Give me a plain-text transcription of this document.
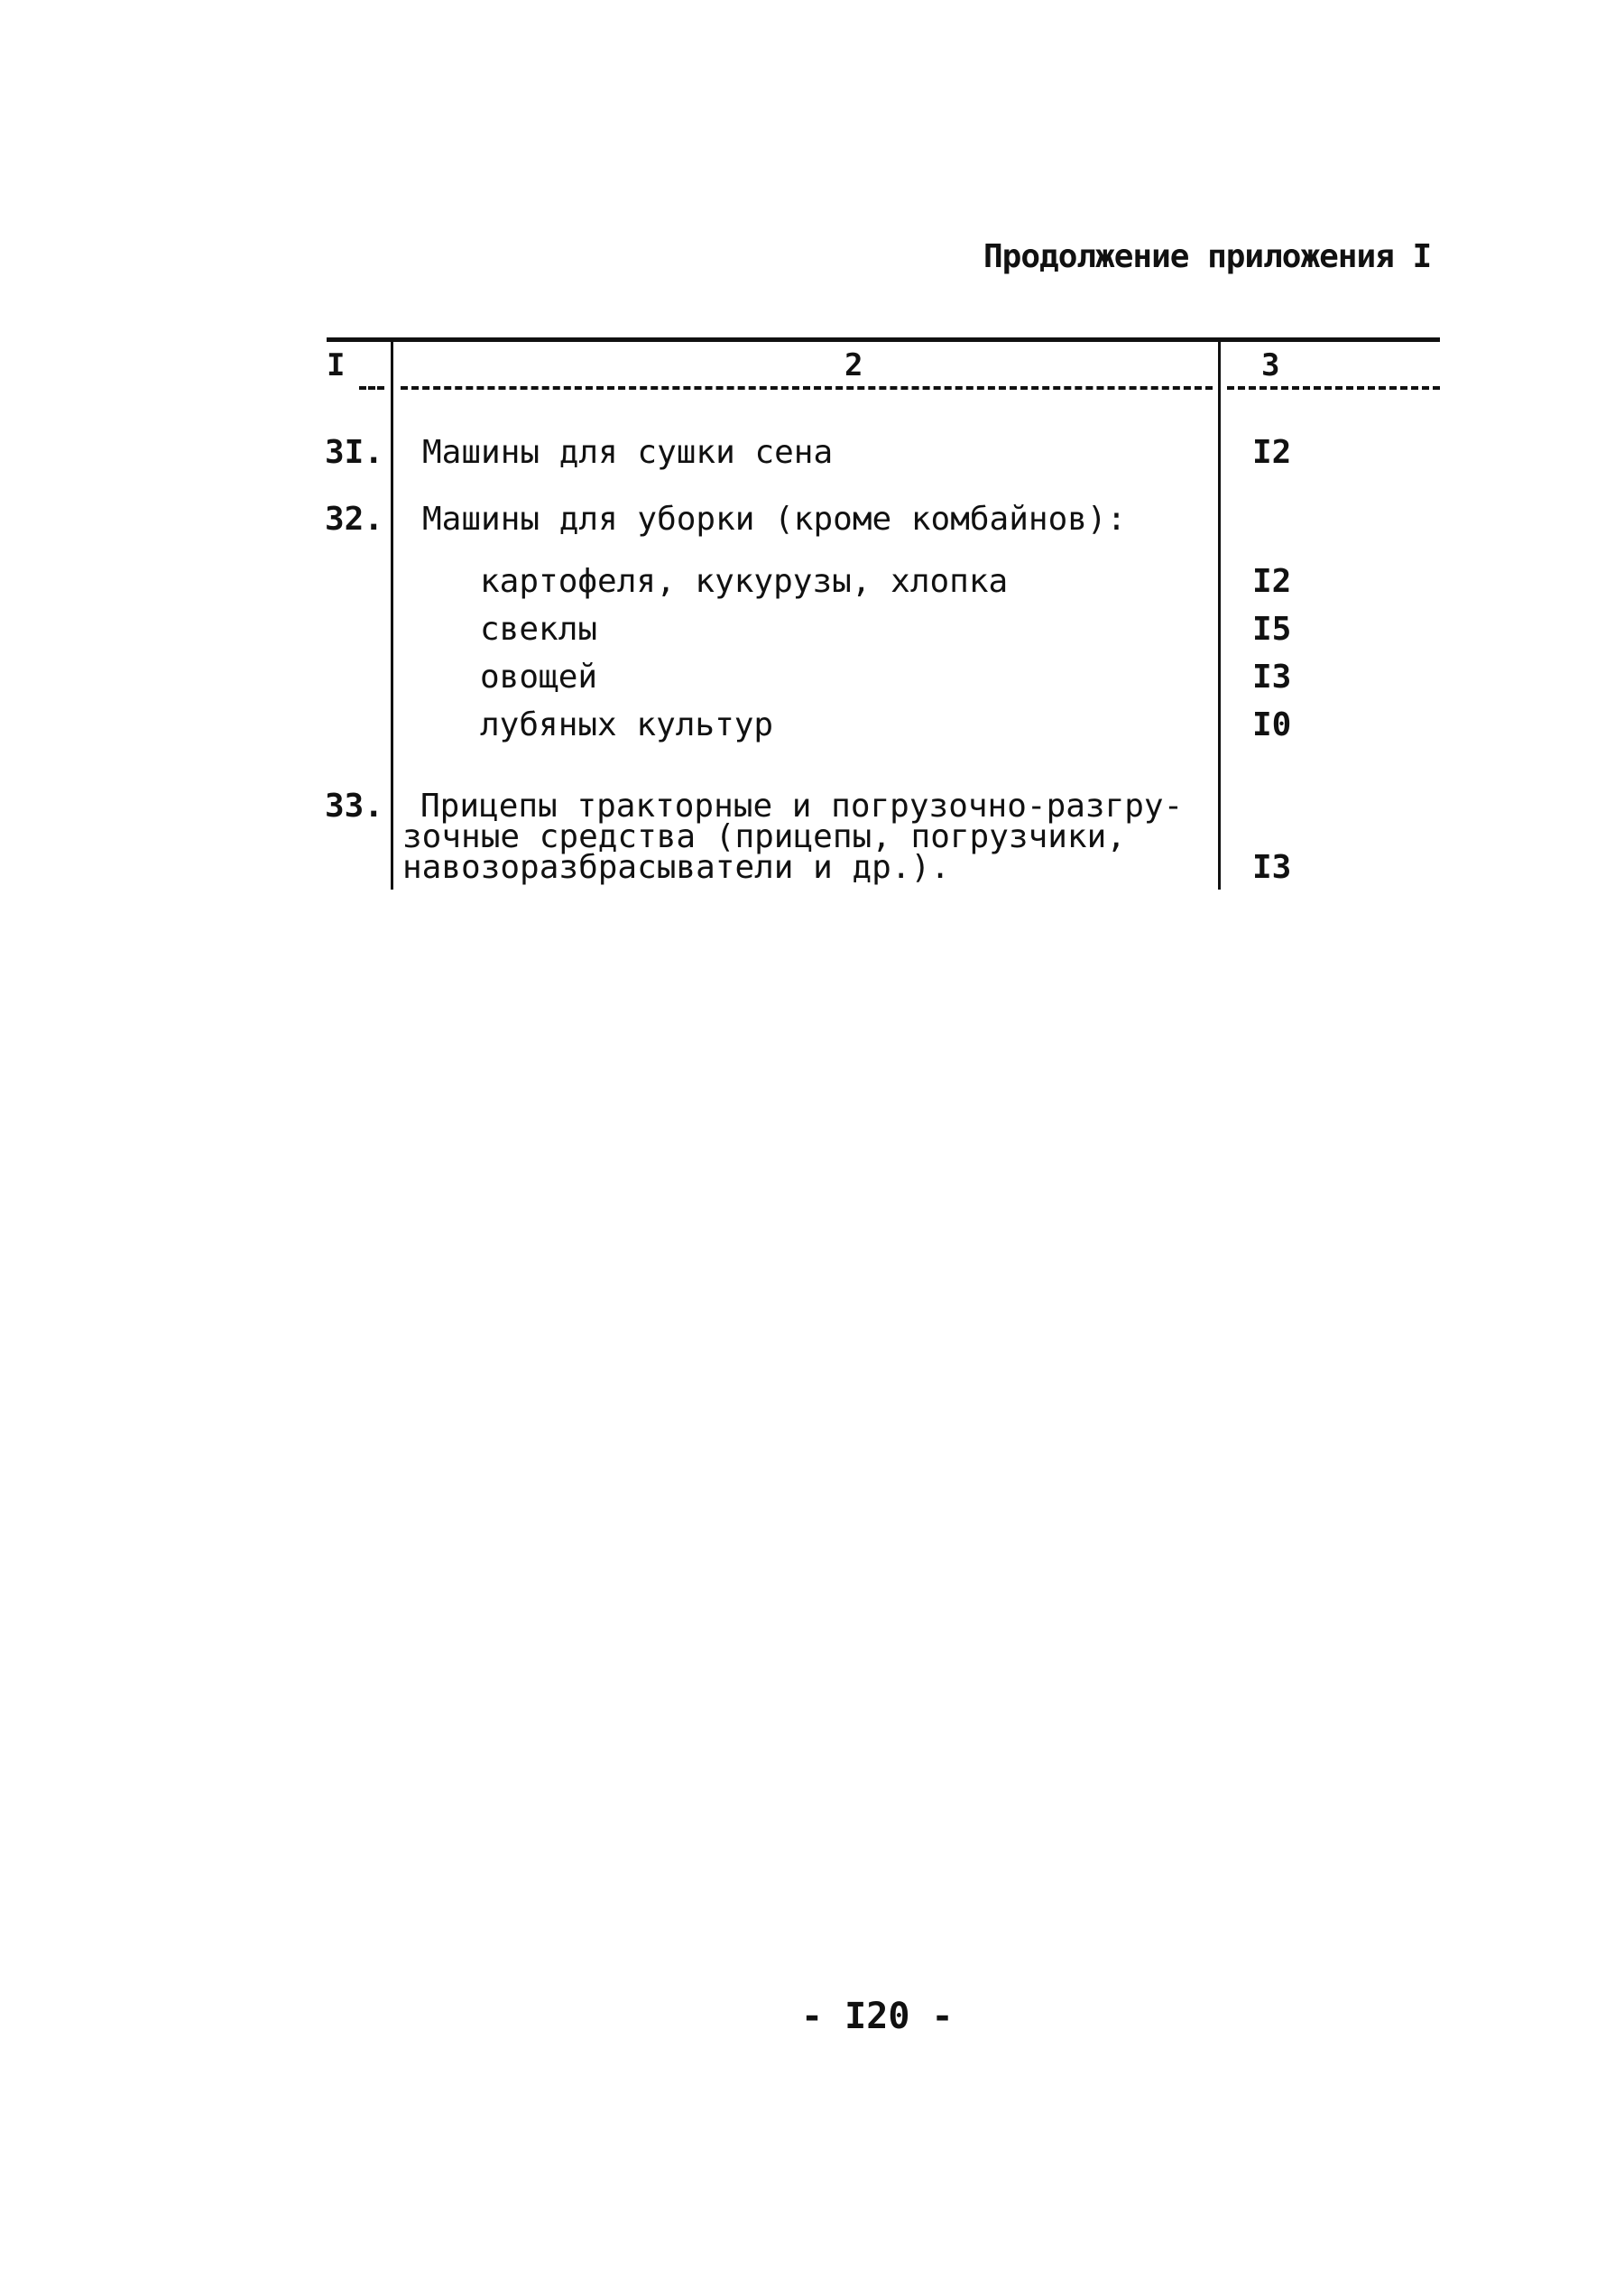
Продолжение приложения I
I	2	3
3I. Машины для сушки сена	I2
32. Машины для уборки (кроме комбайнов):
картофеля, кукурузы, хлопка	I2
свеклы	I5
овощей	I3
лубяных культур	I0
33. Прицепы тракторные и погрузочно-разгру-
зочные средства (прицепы, погрузчики,
навозоразбрасыватели и др.).	I3
- I20 -
